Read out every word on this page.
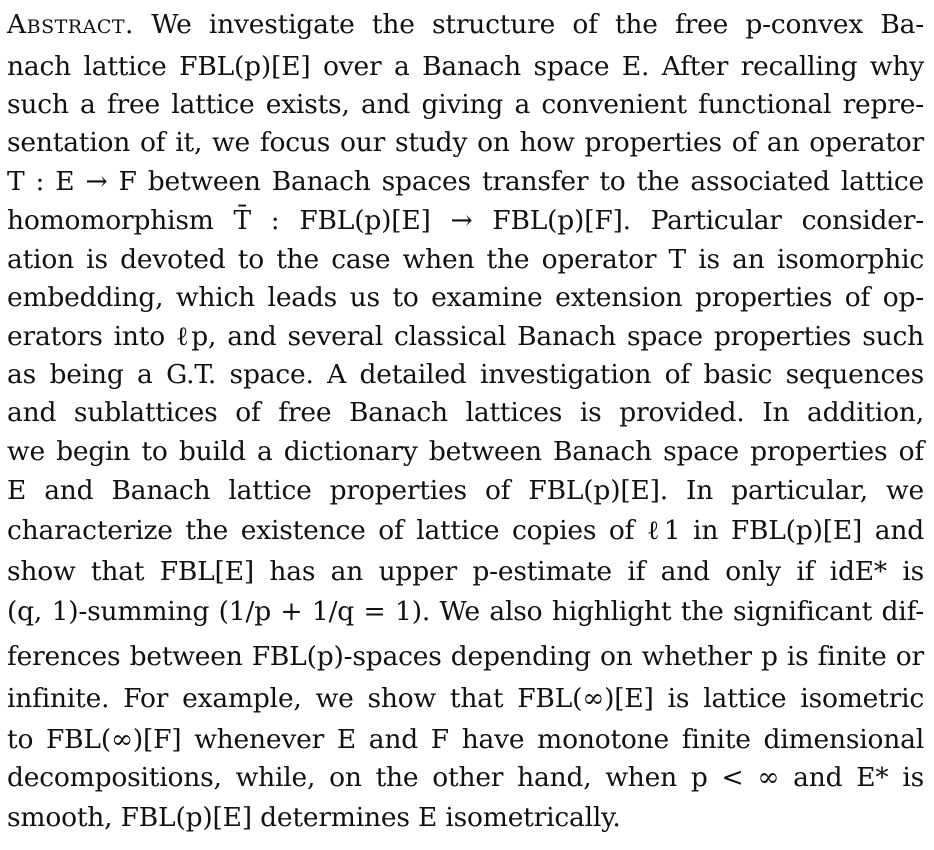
Abstract. We investigate the structure of the free p-convex Ba-
nach lattice FBL(p)[E] over a Banach space E. After recalling why
such a free lattice exists, and giving a convenient functional repre-
sentation of it, we focus our study on how properties of an operator
T : E → F between Banach spaces transfer to the associated lattice
homomorphism T̄ : FBL(p)[E] → FBL(p)[F]. Particular consider-
ation is devoted to the case when the operator T is an isomorphic
embedding, which leads us to examine extension properties of op-
erators into ℓp, and several classical Banach space properties such
as being a G.T. space. A detailed investigation of basic sequences
and sublattices of free Banach lattices is provided. In addition,
we begin to build a dictionary between Banach space properties of
E and Banach lattice properties of FBL(p)[E]. In particular, we
characterize the existence of lattice copies of ℓ1 in FBL(p)[E] and
show that FBL[E] has an upper p-estimate if and only if idE* is
(q, 1)-summing (1/p + 1/q = 1). We also highlight the significant dif-
ferences between FBL(p)-spaces depending on whether p is finite or
infinite. For example, we show that FBL(∞)[E] is lattice isometric
to FBL(∞)[F] whenever E and F have monotone finite dimensional
decompositions, while, on the other hand, when p < ∞ and E* is
smooth, FBL(p)[E] determines E isometrically.
